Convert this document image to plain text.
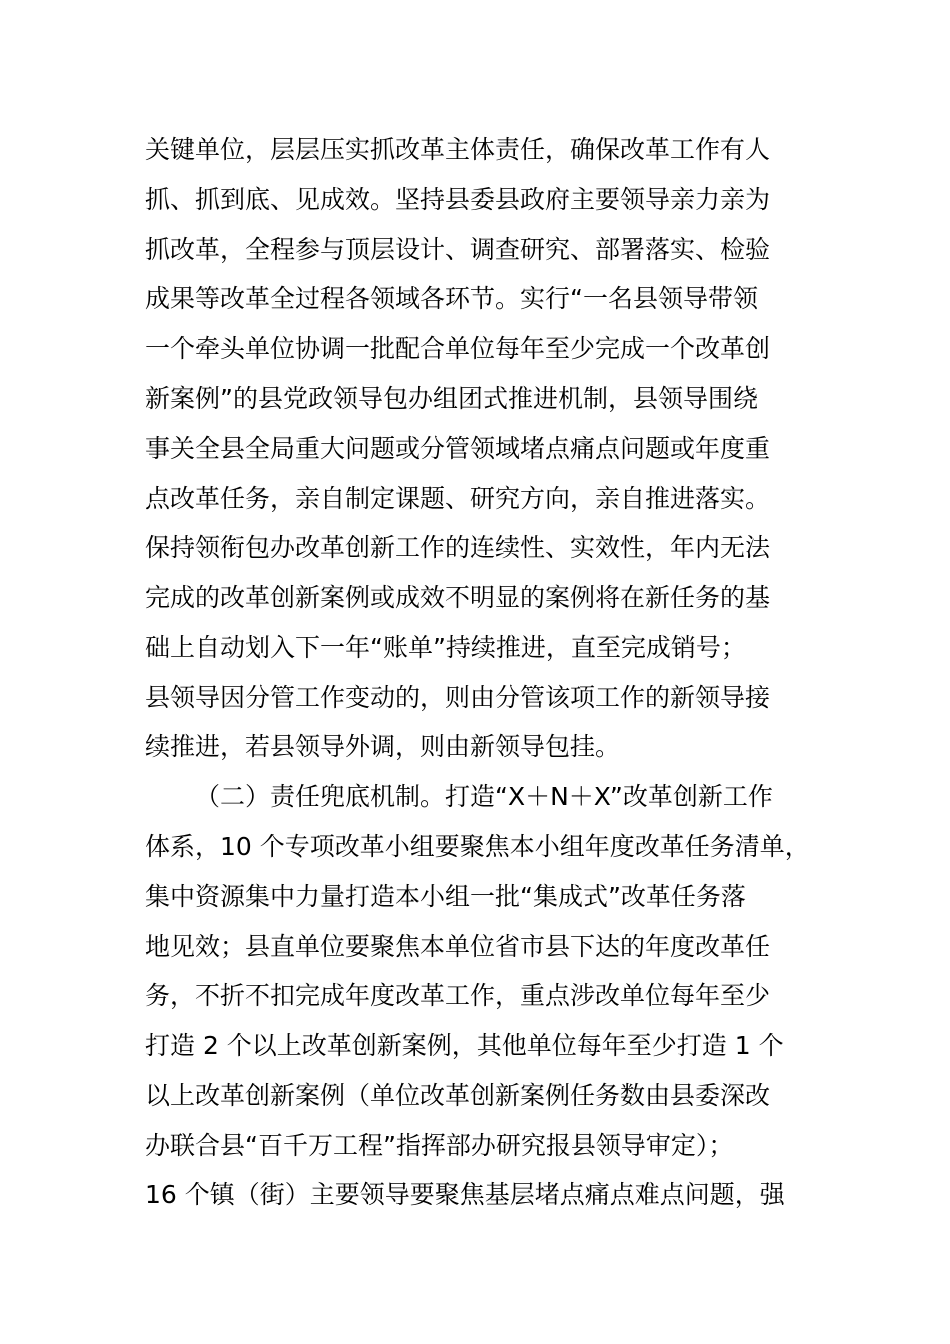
关键单位，层层压实抓改革主体责任，确保改革工作有人
抓、抓到底、见成效。坚持县委县政府主要领导亲力亲为
抓改革，全程参与顶层设计、调查研究、部署落实、检验
成果等改革全过程各领域各环节。实行“一名县领导带领
一个牵头单位协调一批配合单位每年至少完成一个改革创
新案例”的县党政领导包办组团式推进机制，县领导围绕
事关全县全局重大问题或分管领域堵点痛点问题或年度重
点改革任务，亲自制定课题、研究方向，亲自推进落实。
保持领衔包办改革创新工作的连续性、实效性，年内无法
完成的改革创新案例或成效不明显的案例将在新任务的基
础上自动划入下一年“账单”持续推进，直至完成销号；
县领导因分管工作变动的，则由分管该项工作的新领导接
续推进，若县领导外调，则由新领导包挂。
（二）责任兜底机制。打造“X＋N＋X”改革创新工作
体系，10 个专项改革小组要聚焦本小组年度改革任务清单，
集中资源集中力量打造本小组一批“集成式”改革任务落
地见效；县直单位要聚焦本单位省市县下达的年度改革任
务，不折不扣完成年度改革工作，重点涉改单位每年至少
打造 2 个以上改革创新案例，其他单位每年至少打造 1 个
以上改革创新案例（单位改革创新案例任务数由县委深改
办联合县“百千万工程”指挥部办研究报县领导审定）；
16 个镇（街）主要领导要聚焦基层堵点痛点难点问题，强
